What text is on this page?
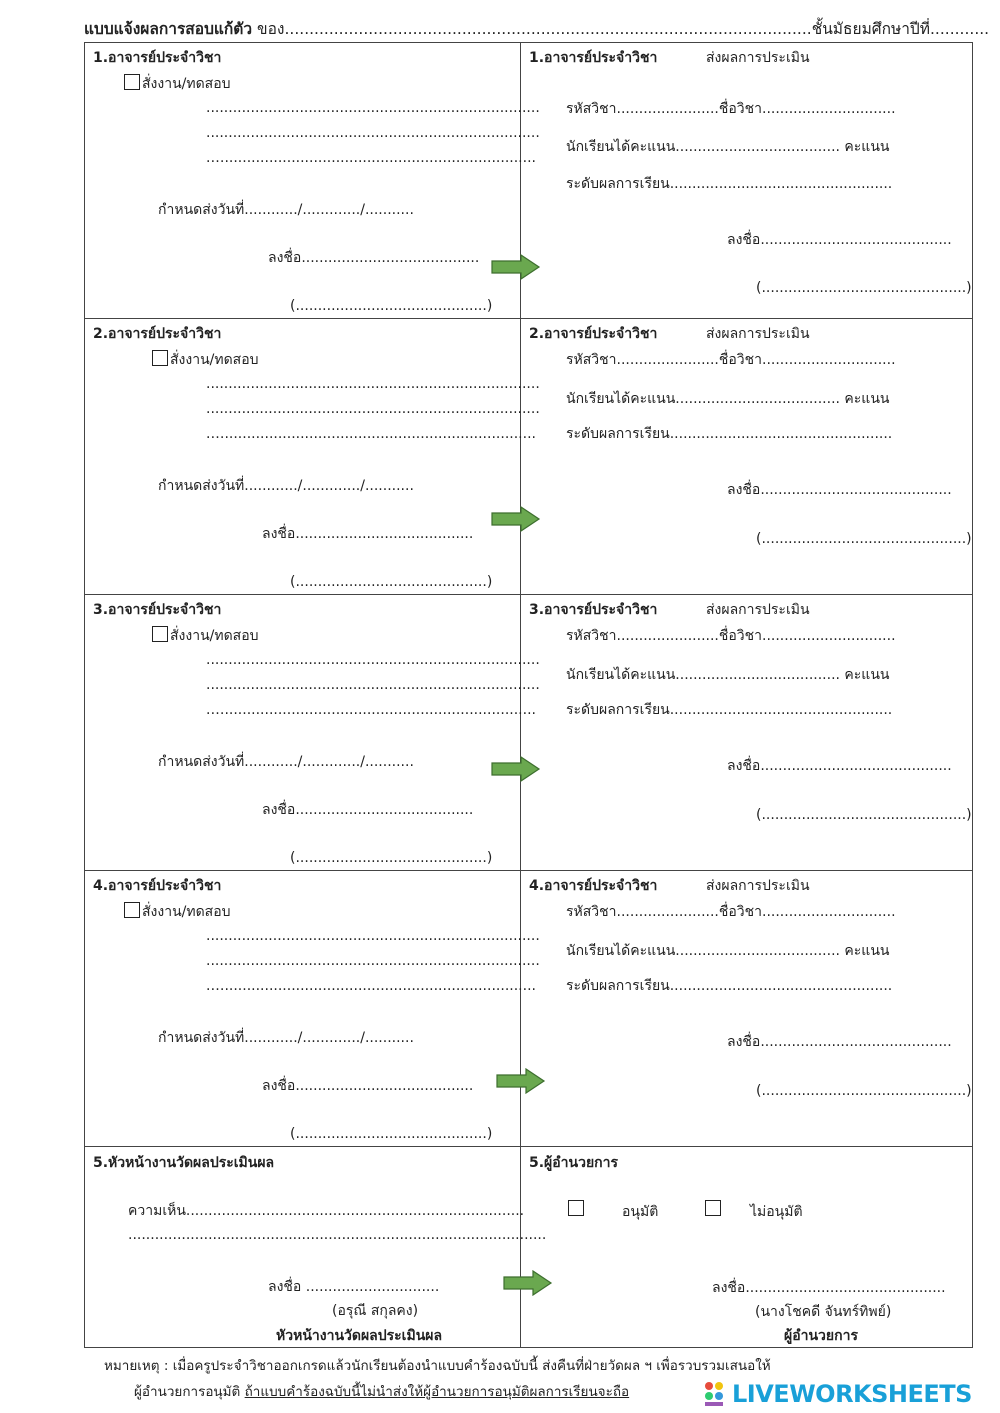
แบบแจ้งผลการสอบแก้ตัว ของ...........................................................................................................ชั้นมัธยมศึกษาปีที่............
1.อาจารย์ประจำวิชา
สั่งงาน/ทดสอบ
...........................................................................
...........................................................................
.…......................................................................
กำหนดส่งวันที่............/............./...........
ลงชื่อ........................................
(...........................................)
1.อาจารย์ประจำวิชา	ส่งผลการประเมิน
รหัสวิชา.......................ชื่อวิชา..............................
นักเรียนได้คะแนน..................................... คะแนน
ระดับผลการเรียน..................................................
ลงชื่อ...........................................
(..............................................)
2.อาจารย์ประจำวิชา
สั่งงาน/ทดสอบ
...........................................................................
...........................................................................
.…......................................................................
กำหนดส่งวันที่............/............./...........
ลงชื่อ........................................
(...........................................)
2.อาจารย์ประจำวิชา	ส่งผลการประเมิน
รหัสวิชา.......................ชื่อวิชา..............................
นักเรียนได้คะแนน..................................... คะแนน
ระดับผลการเรียน..................................................
ลงชื่อ...........................................
(..............................................)
3.อาจารย์ประจำวิชา
สั่งงาน/ทดสอบ
...........................................................................
...........................................................................
.…......................................................................
กำหนดส่งวันที่............/............./...........
ลงชื่อ........................................
(...........................................)
3.อาจารย์ประจำวิชา	ส่งผลการประเมิน
รหัสวิชา.......................ชื่อวิชา..............................
นักเรียนได้คะแนน..................................... คะแนน
ระดับผลการเรียน..................................................
ลงชื่อ...........................................
(..............................................)
4.อาจารย์ประจำวิชา
สั่งงาน/ทดสอบ
...........................................................................
...........................................................................
.…......................................................................
กำหนดส่งวันที่............/............./...........
ลงชื่อ........................................
(...........................................)
4.อาจารย์ประจำวิชา	ส่งผลการประเมิน
รหัสวิชา.......................ชื่อวิชา..............................
นักเรียนได้คะแนน..................................... คะแนน
ระดับผลการเรียน..................................................
ลงชื่อ...........................................
(..............................................)
5.หัวหน้างานวัดผลประเมินผล
ความเห็น............................................................................
..............................................................................................
ลงชื่อ ..............................
(อรุณี สกุลคง)
หัวหน้างานวัดผลประเมินผล
5.ผู้อำนวยการ
อนุมัติ	ไม่อนุมัติ
ลงชื่อ.............................................
(นางโชคดี จันทร์ทิพย์)
ผู้อำนวยการ
หมายเหตุ : เมื่อครูประจำวิชาออกเกรดแล้วนักเรียนต้องนำแบบคำร้องฉบับนี้ ส่งคืนที่ฝ่ายวัดผล ฯ เพื่อรวบรวมเสนอให้
ผู้อำนวยการอนุมัติ ถ้าแบบคำร้องฉบับนี้ไม่นำส่งให้ผู้อำนวยการอนุมัติผลการเรียนจะถือ	LIVEWORKSHEETS
